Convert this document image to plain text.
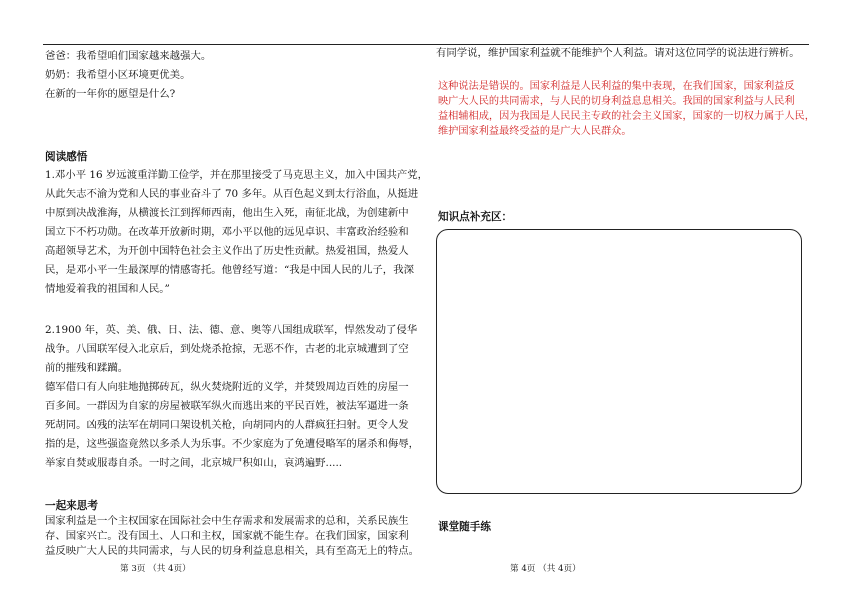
爸爸：我希望咱们国家越来越强大。
奶奶：我希望小区环境更优美。
在新的一年你的愿望是什么?
阅读感悟
1.邓小平 16 岁远渡重洋勤工俭学，并在那里接受了马克思主义，加入中国共产党，
从此矢志不渝为党和人民的事业奋斗了 70 多年。从百色起义到太行浴血，从挺进
中原到决战淮海，从横渡长江到挥师西南，他出生入死，南征北战，为创建新中
国立下不朽功勋。在改革开放新时期，邓小平以他的远见卓识、丰富政治经验和
高超领导艺术，为开创中国特色社会主义作出了历史性贡献。热爱祖国，热爱人
民，是邓小平一生最深厚的情感寄托。他曾经写道：“我是中国人民的儿子，我深
情地爱着我的祖国和人民。”
2.1900 年，英、美、俄、日、法、德、意、奥等八国组成联军，悍然发动了侵华
战争。八国联军侵入北京后，到处烧杀抢掠，无恶不作，古老的北京城遭到了空
前的摧残和蹂躏。
德军借口有人向驻地抛掷砖瓦，纵火焚烧附近的义学，并焚毁周边百姓的房屋一
百多间。一群因为自家的房屋被联军纵火而逃出来的平民百姓，被法军逼进一条
死胡同。凶残的法军在胡同口架设机关枪，向胡同内的人群疯狂扫射。更令人发
指的是，这些强盗竟然以多杀人为乐事。不少家庭为了免遭侵略军的屠杀和侮辱，
举家自焚或服毒自杀。一时之间，北京城尸积如山，哀鸿遍野.....
一起来思考
国家利益是一个主权国家在国际社会中生存需求和发展需求的总和，关系民族生
存、国家兴亡。没有国土、人口和主权，国家就不能生存。在我们国家，国家利
益反映广大人民的共同需求，与人民的切身利益息息相关，具有至高无上的特点。
第 3页 （共 4页）
有同学说，维护国家利益就不能维护个人利益。请对这位同学的说法进行辨析。
这种说法是错误的。国家利益是人民利益的集中表现，在我们国家，国家利益反
映广大人民的共同需求，与人民的切身利益息息相关。我国的国家利益与人民利
益相辅相成，因为我国是人民民主专政的社会主义国家，国家的一切权力属于人民，
维护国家利益最终受益的是广大人民群众。
知识点补充区：
课堂随手练
第 4页 （共 4页）
